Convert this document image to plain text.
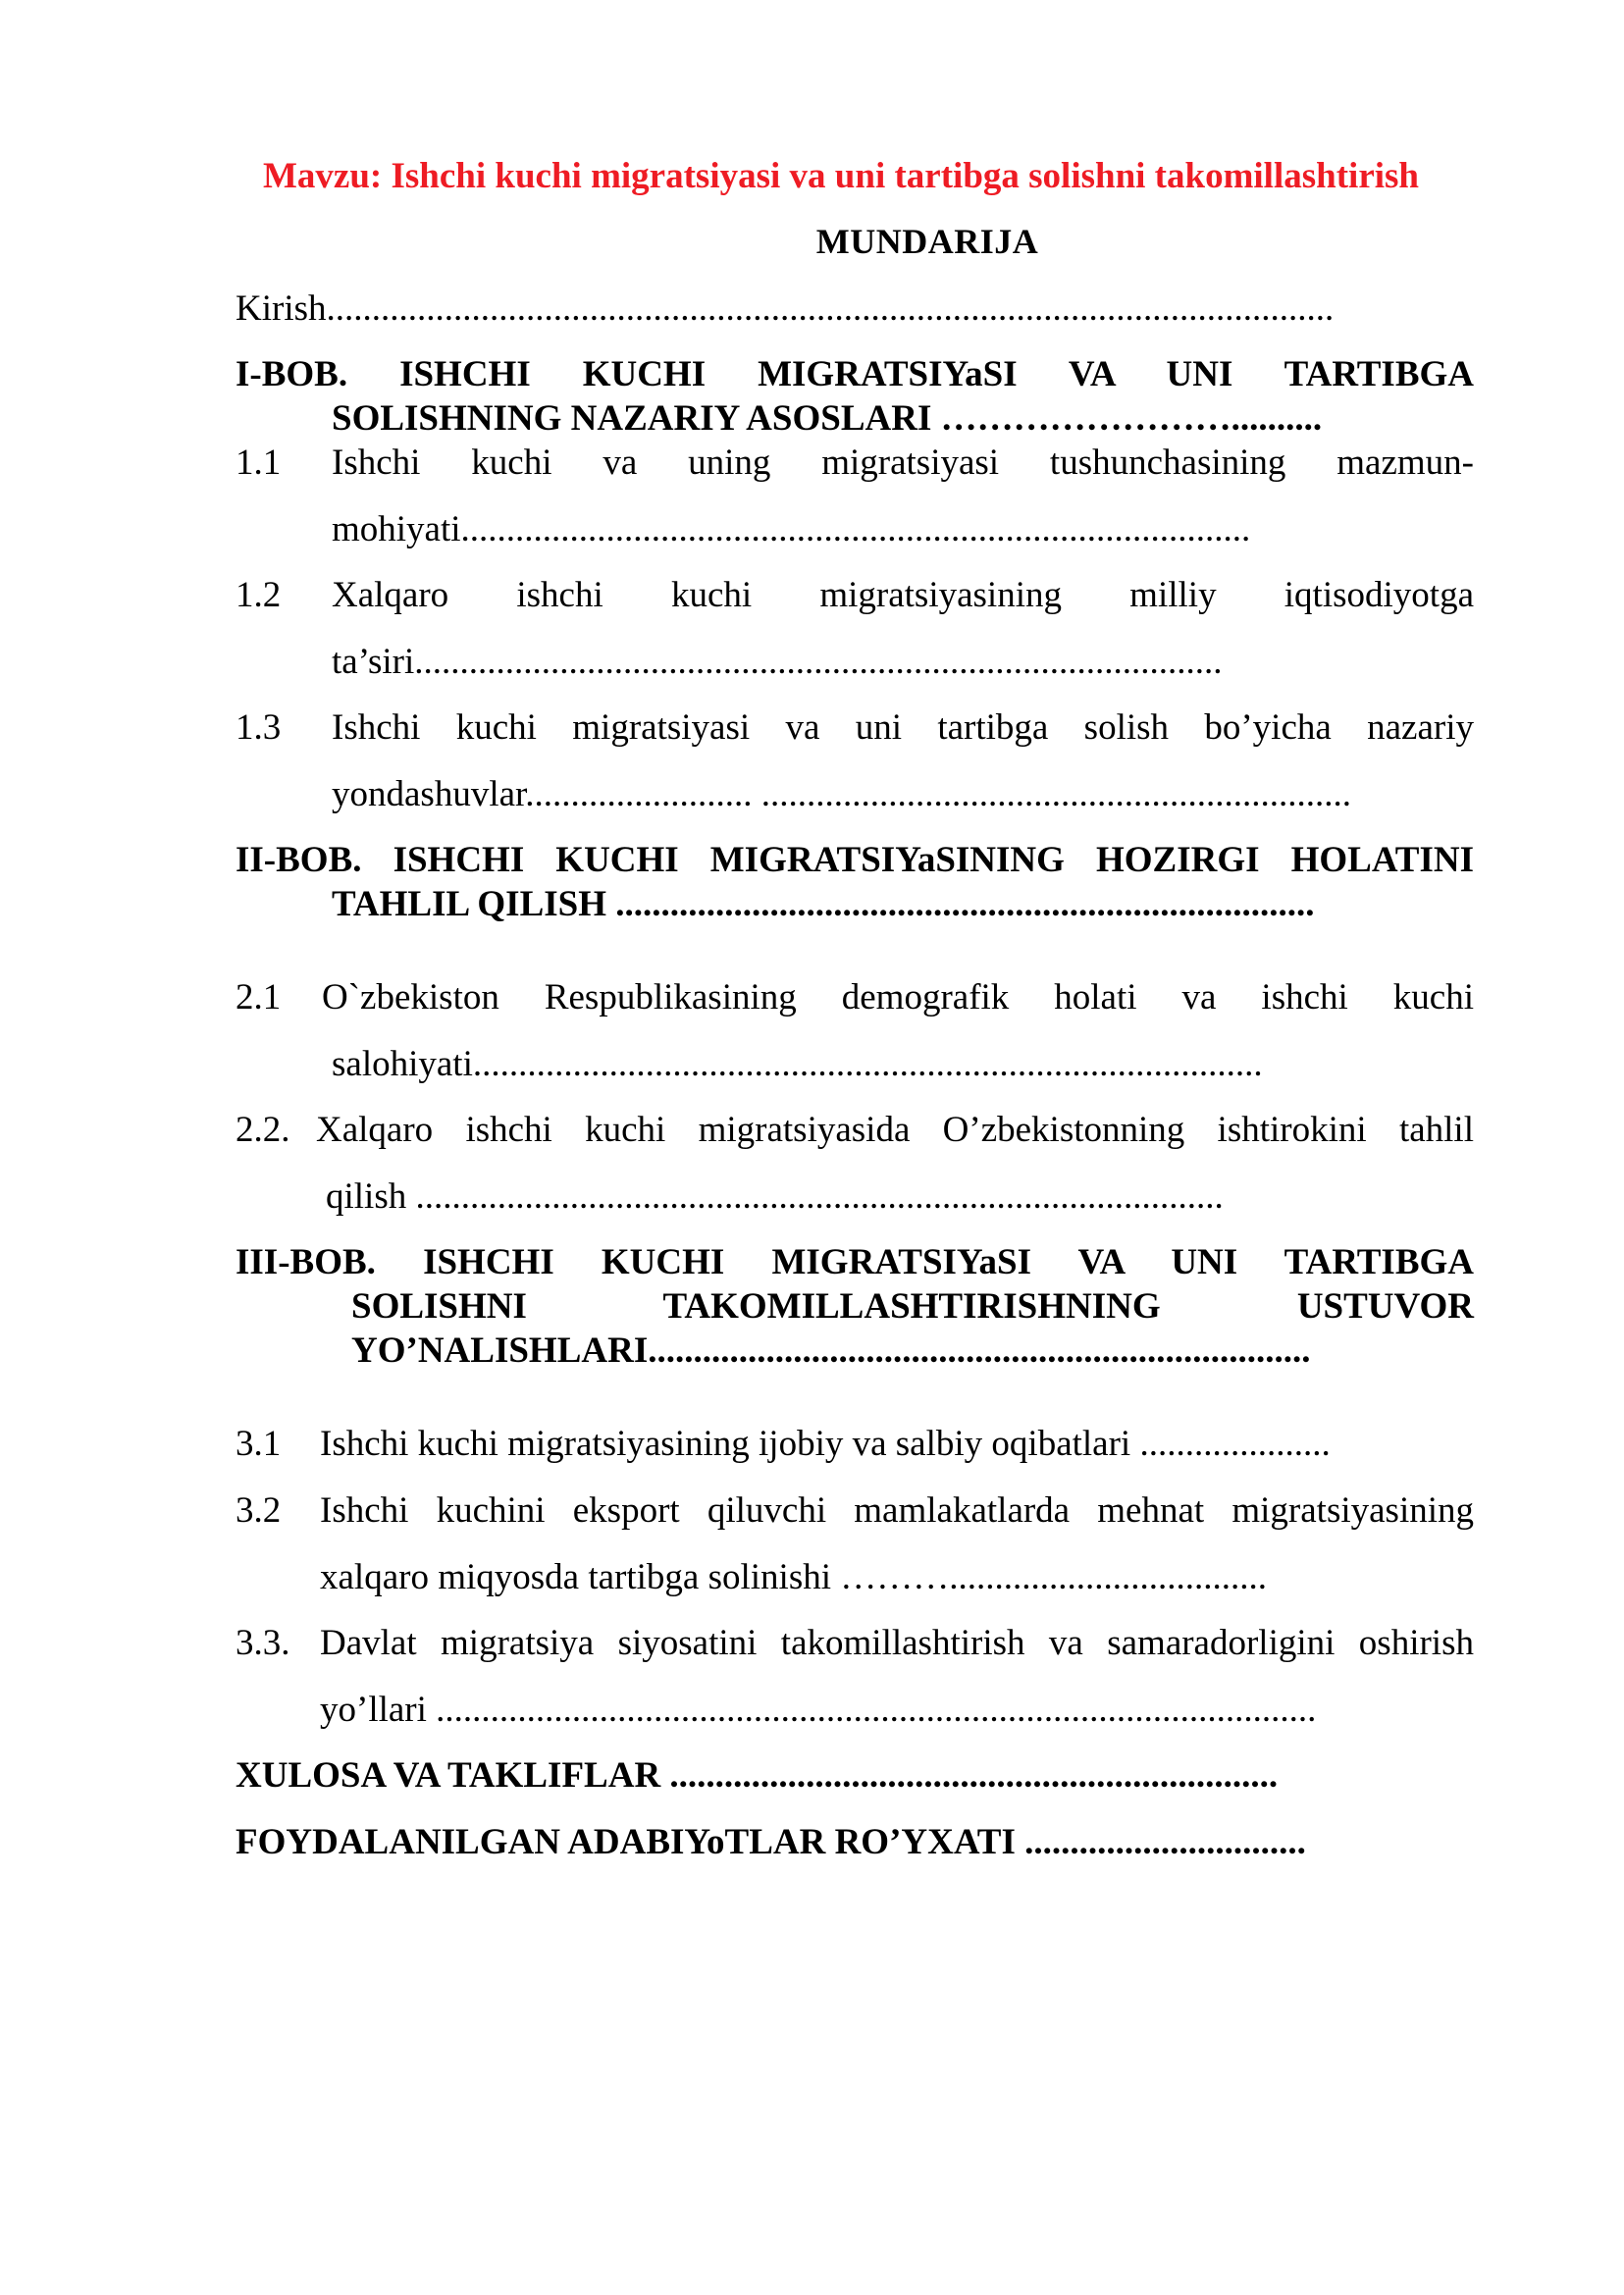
Mavzu: Ishchi kuchi migratsiyasi va uni tartibga solishni takomillashtirish

MUNDARIJA

Kirish...............................................................................................................

I-BOB. ISHCHI KUCHI MIGRATSIYaSI VA UNI TARTIBGA

SOLISHNING NAZARIY ASOSLARI ……………………..........

1.1 Ishchi kuchi va uning migratsiyasi tushunchasining mazmun-

mohiyati.......................................................................................

1.2 Xalqaro ishchi kuchi migratsiyasining milliy iqtisodiyotga

ta’siri.........................................................................................

1.3 Ishchi kuchi migratsiyasi va uni tartibga solish bo’yicha nazariy

yondashuvlar......................... .................................................................

II-BOB. ISHCHI KUCHI MIGRATSIYaSINING HOZIRGI HOLATINI

TAHLIL QILISH .............................................................................

2.1 O`zbekiston Respublikasining demografik holati va ishchi kuchi

salohiyati.......................................................................................

2.2. Xalqaro ishchi kuchi migratsiyasida O’zbekistonning ishtirokini tahlil

qilish .........................................................................................

III-BOB. ISHCHI KUCHI MIGRATSIYaSI VA UNI TARTIBGA

SOLISHNI TAKOMILLASHTIRISHNING USTUVOR

YO’NALISHLARI.........................................................................

3.1 Ishchi kuchi migratsiyasining ijobiy va salbiy oqibatlari .....................

3.2 Ishchi kuchini eksport qiluvchi mamlakatlarda mehnat migratsiyasining

xalqaro miqyosda tartibga solinishi ………...................................

3.3. Davlat migratsiya siyosatini takomillashtirish va samaradorligini oshirish

yo’llari .................................................................................................

XULOSA VA TAKLIFLAR ...................................................................

FOYDALANILGAN ADABIYoTLAR RO’YXATI ...............................
